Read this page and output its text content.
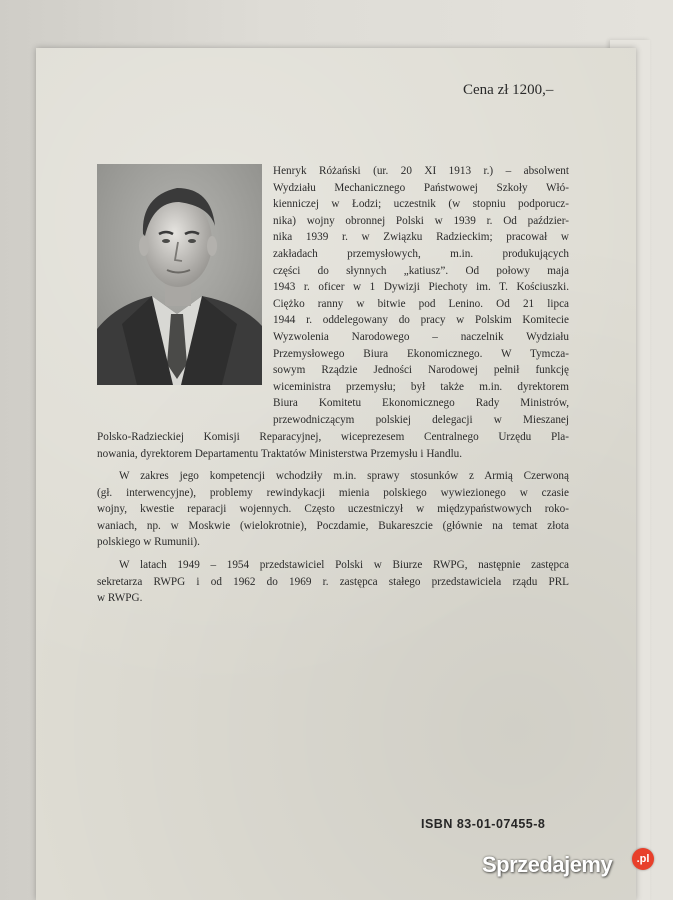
Cena zł 1200,–
Henryk Różański (ur. 20 XI 1913 r.) – absolwent
Wydziału Mechanicznego Państwowej Szkoły Włó-
kienniczej w Łodzi; uczestnik (w stopniu podporucz-
nika) wojny obronnej Polski w 1939 r. Od paździer-
nika 1939 r. w Związku Radzieckim; pracował w
zakładach przemysłowych, m.in. produkujących
części do słynnych „katiusz”. Od połowy maja
1943 r. oficer w 1 Dywizji Piechoty im. T. Kościuszki.
Ciężko ranny w bitwie pod Lenino. Od 21 lipca
1944 r. oddelegowany do pracy w Polskim Komitecie
Wyzwolenia Narodowego – naczelnik Wydziału
Przemysłowego Biura Ekonomicznego. W Tymcza-
sowym Rządzie Jedności Narodowej pełnił funkcję
wiceministra przemysłu; był także m.in. dyrektorem
Biura Komitetu Ekonomicznego Rady Ministrów,
przewodniczącym polskiej delegacji w Mieszanej
Polsko-Radzieckiej Komisji Reparacyjnej, wiceprezesem Centralnego Urzędu Pla-
nowania, dyrektorem Departamentu Traktatów Ministerstwa Przemysłu i Handlu.
W zakres jego kompetencji wchodziły m.in. sprawy stosunków z Armią Czerwoną
(gł. interwencyjne), problemy rewindykacji mienia polskiego wywiezionego w czasie
wojny, kwestie reparacji wojennych. Często uczestniczył w międzypaństwowych roko-
waniach, np. w Moskwie (wielokrotnie), Poczdamie, Bukareszcie (głównie na temat złota
polskiego w Rumunii).
W latach 1949 – 1954 przedstawiciel Polski w Biurze RWPG, następnie zastępca
sekretarza RWPG i od 1962 do 1969 r. zastępca stałego przedstawiciela rządu PRL
w RWPG.
ISBN 83-01-07455-8
Sprzedajemy	.pl
